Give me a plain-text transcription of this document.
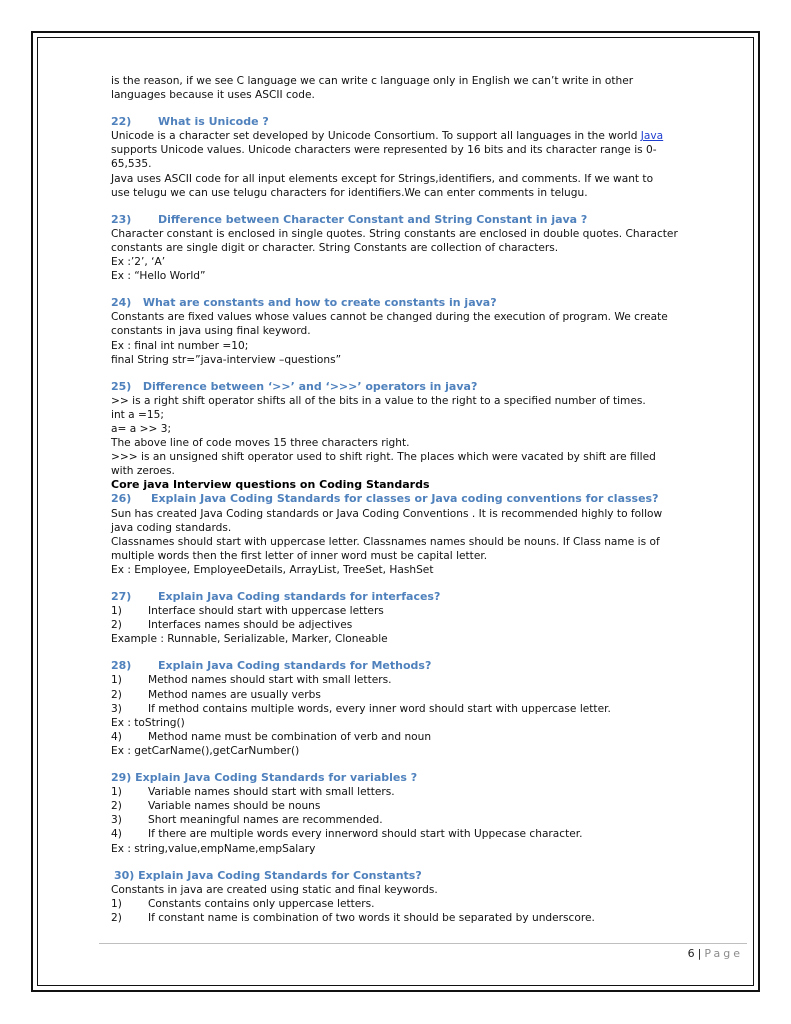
is the reason, if we see C language we can write c language only in English we can’t write in other

languages because it uses ASCII code.

22) What is Unicode ?

Unicode is a character set developed by Unicode Consortium. To support all languages in the world Java

supports Unicode values. Unicode characters were represented by 16 bits and its character range is 0-

65,535.

Java uses ASCII code for all input elements except for Strings,identifiers, and comments. If we want to

use telugu we can use telugu characters for identifiers.We can enter comments in telugu.

23) Difference between Character Constant and String Constant in java ?

Character constant is enclosed in single quotes. String constants are enclosed in double quotes. Character

constants are single digit or character. String Constants are collection of characters.

Ex :’2’, ‘A’

Ex : “Hello World”

24)   What are constants and how to create constants in java?

Constants are fixed values whose values cannot be changed during the execution of program. We create

constants in java using final keyword.

Ex : final int number =10;

final String str=”java-interview –questions”

25)   Difference between ‘>>’ and ‘>>>’ operators in java?

>> is a right shift operator shifts all of the bits in a value to the right to a specified number of times.

int a =15;

a= a >> 3;

The above line of code moves 15 three characters right.

>>> is an unsigned shift operator used to shift right. The places which were vacated by shift are filled

with zeroes.

Core java Interview questions on Coding Standards

26) Explain Java Coding Standards for classes or Java coding conventions for classes?

Sun has created Java Coding standards or Java Coding Conventions . It is recommended highly to follow

java coding standards.

Classnames should start with uppercase letter. Classnames names should be nouns. If Class name is of

multiple words then the first letter of inner word must be capital letter.

Ex : Employee, EmployeeDetails, ArrayList, TreeSet, HashSet

27) Explain Java Coding standards for interfaces?

1)	Interface should start with uppercase letters
2)	Interfaces names should be adjectives

Example : Runnable, Serializable, Marker, Cloneable

28) Explain Java Coding standards for Methods?

1)	Method names should start with small letters.
2)	Method names are usually verbs
3)	If method contains multiple words, every inner word should start with uppercase letter.

Ex : toString()

4)	Method name must be combination of verb and noun

Ex : getCarName(),getCarNumber()

29) Explain Java Coding Standards for variables ?

1)	Variable names should start with small letters.
2)	Variable names should be nouns
3)	Short meaningful names are recommended.
4)	If there are multiple words every innerword should start with Uppecase character.

Ex : string,value,empName,empSalary

30) Explain Java Coding Standards for Constants?

Constants in java are created using static and final keywords.

1)	Constants contains only uppercase letters.
2)	If constant name is combination of two words it should be separated by underscore.
6 | Page
